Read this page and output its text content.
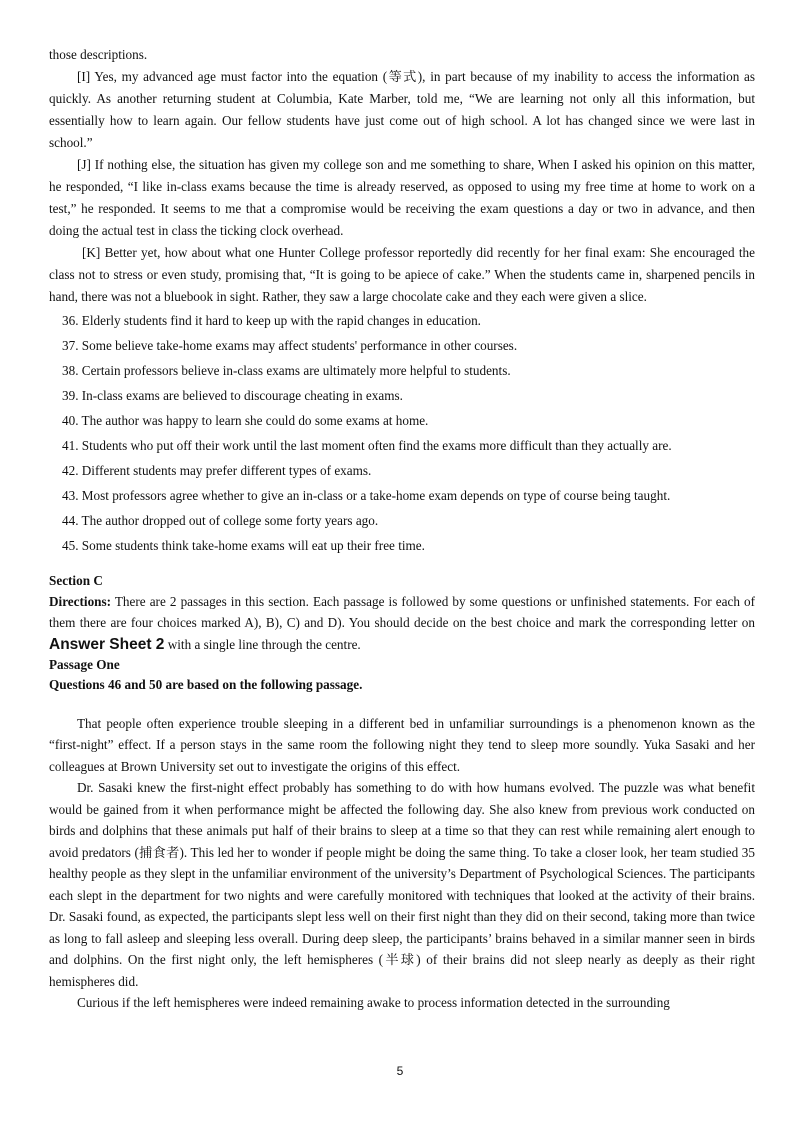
those descriptions.

[I] Yes, my advanced age must factor into the equation (等式), in part because of my inability to access the information as quickly. As another returning student at Columbia, Kate Marber, told me, “We are learning not only all this information, but essentially how to learn again. Our fellow students have just come out of high school. A lot has changed since we were last in school.”

[J] If nothing else, the situation has given my college son and me something to share, When I asked his opinion on this matter, he responded, “I like in-class exams because the time is already reserved, as opposed to using my free time at home to work on a test,” he responded. It seems to me that a compromise would be receiving the exam questions a day or two in advance, and then doing the actual test in class the ticking clock overhead.

[K] Better yet, how about what one Hunter College professor reportedly did recently for her final exam: She encouraged the class not to stress or even study, promising that, “It is going to be apiece of cake.” When the students came in, sharpened pencils in hand, there was not a bluebook in sight. Rather, they saw a large chocolate cake and they each were given a slice.

36. Elderly students find it hard to keep up with the rapid changes in education.

37. Some believe take-home exams may affect students' performance in other courses.

38. Certain professors believe in-class exams are ultimately more helpful to students.

39. In-class exams are believed to discourage cheating in exams.

40. The author was happy to learn she could do some exams at home.

41. Students who put off their work until the last moment often find the exams more difficult than they actually are.

42. Different students may prefer different types of exams.

43. Most professors agree whether to give an in-class or a take-home exam depends on type of course being taught.

44. The author dropped out of college some forty years ago.

45. Some students think take-home exams will eat up their free time.

Section C

Directions: There are 2 passages in this section. Each passage is followed by some questions or unfinished statements. For each of them there are four choices marked A), B), C) and D). You should decide on the best choice and mark the corresponding letter on Answer Sheet 2 with a single line through the centre.

Passage One

Questions 46 and 50 are based on the following passage.

That people often experience trouble sleeping in a different bed in unfamiliar surroundings is a phenomenon known as the “first-night” effect. If a person stays in the same room the following night they tend to sleep more soundly. Yuka Sasaki and her colleagues at Brown University set out to investigate the origins of this effect.

Dr. Sasaki knew the first-night effect probably has something to do with how humans evolved. The puzzle was what benefit would be gained from it when performance might be affected the following day. She also knew from previous work conducted on birds and dolphins that these animals put half of their brains to sleep at a time so that they can rest while remaining alert enough to avoid predators (捕食者). This led her to wonder if people might be doing the same thing. To take a closer look, her team studied 35 healthy people as they slept in the unfamiliar environment of the university’s Department of Psychological Sciences. The participants each slept in the department for two nights and were carefully monitored with techniques that looked at the activity of their brains. Dr. Sasaki found, as expected, the participants slept less well on their first night than they did on their second, taking more than twice as long to fall asleep and sleeping less overall. During deep sleep, the participants’ brains behaved in a similar manner seen in birds and dolphins. On the first night only, the left hemispheres (半球) of their brains did not sleep nearly as deeply as their right hemispheres did.

Curious if the left hemispheres were indeed remaining awake to process information detected in the surrounding

5
